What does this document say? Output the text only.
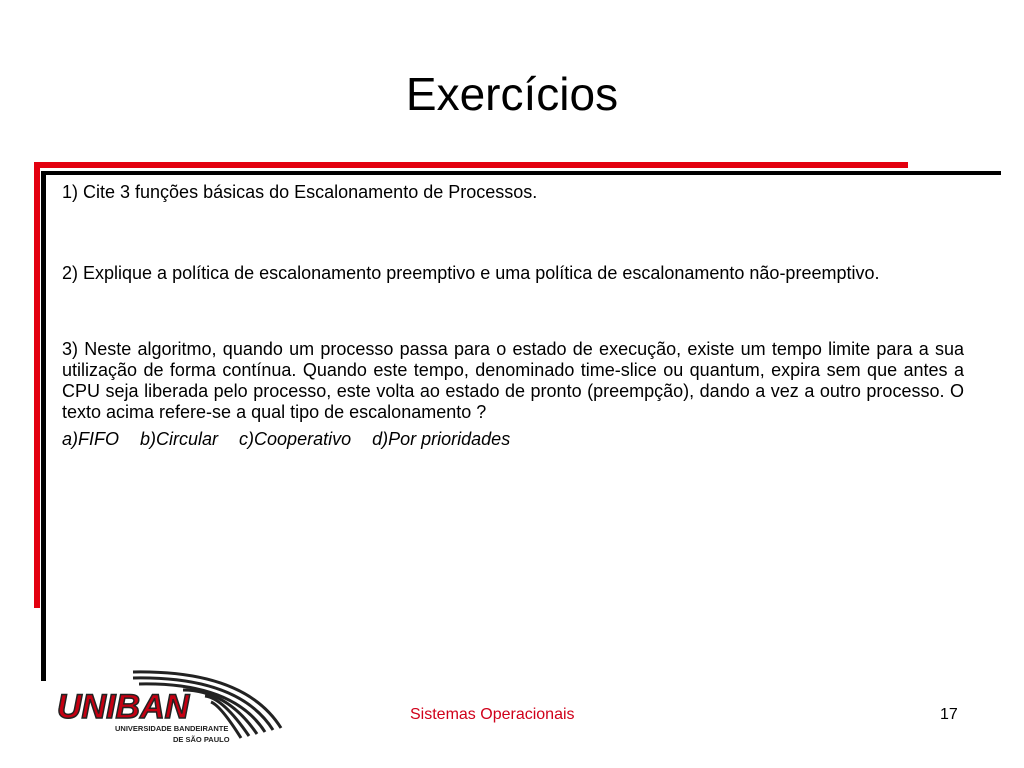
Exercícios

1) Cite 3 funções básicas do Escalonamento de Processos.

2) Explique a política de escalonamento preemptivo e uma política de escalonamento não-preemptivo.

3) Neste algoritmo, quando um processo passa para o estado de execução, existe um tempo limite para a sua utilização de forma contínua. Quando este tempo, denominado time-slice ou quantum, expira sem que antes a CPU seja liberada pelo processo, este volta ao estado de pronto (preempção), dando a vez a outro processo. O texto acima refere-se a qual tipo de escalonamento ?

a)FIFO b)Circular c)Cooperativo d)Por prioridades

UNIBAN
UNIVERSIDADE BANDEIRANTE
DE SÃO PAULO
Sistemas Operacionais	17
